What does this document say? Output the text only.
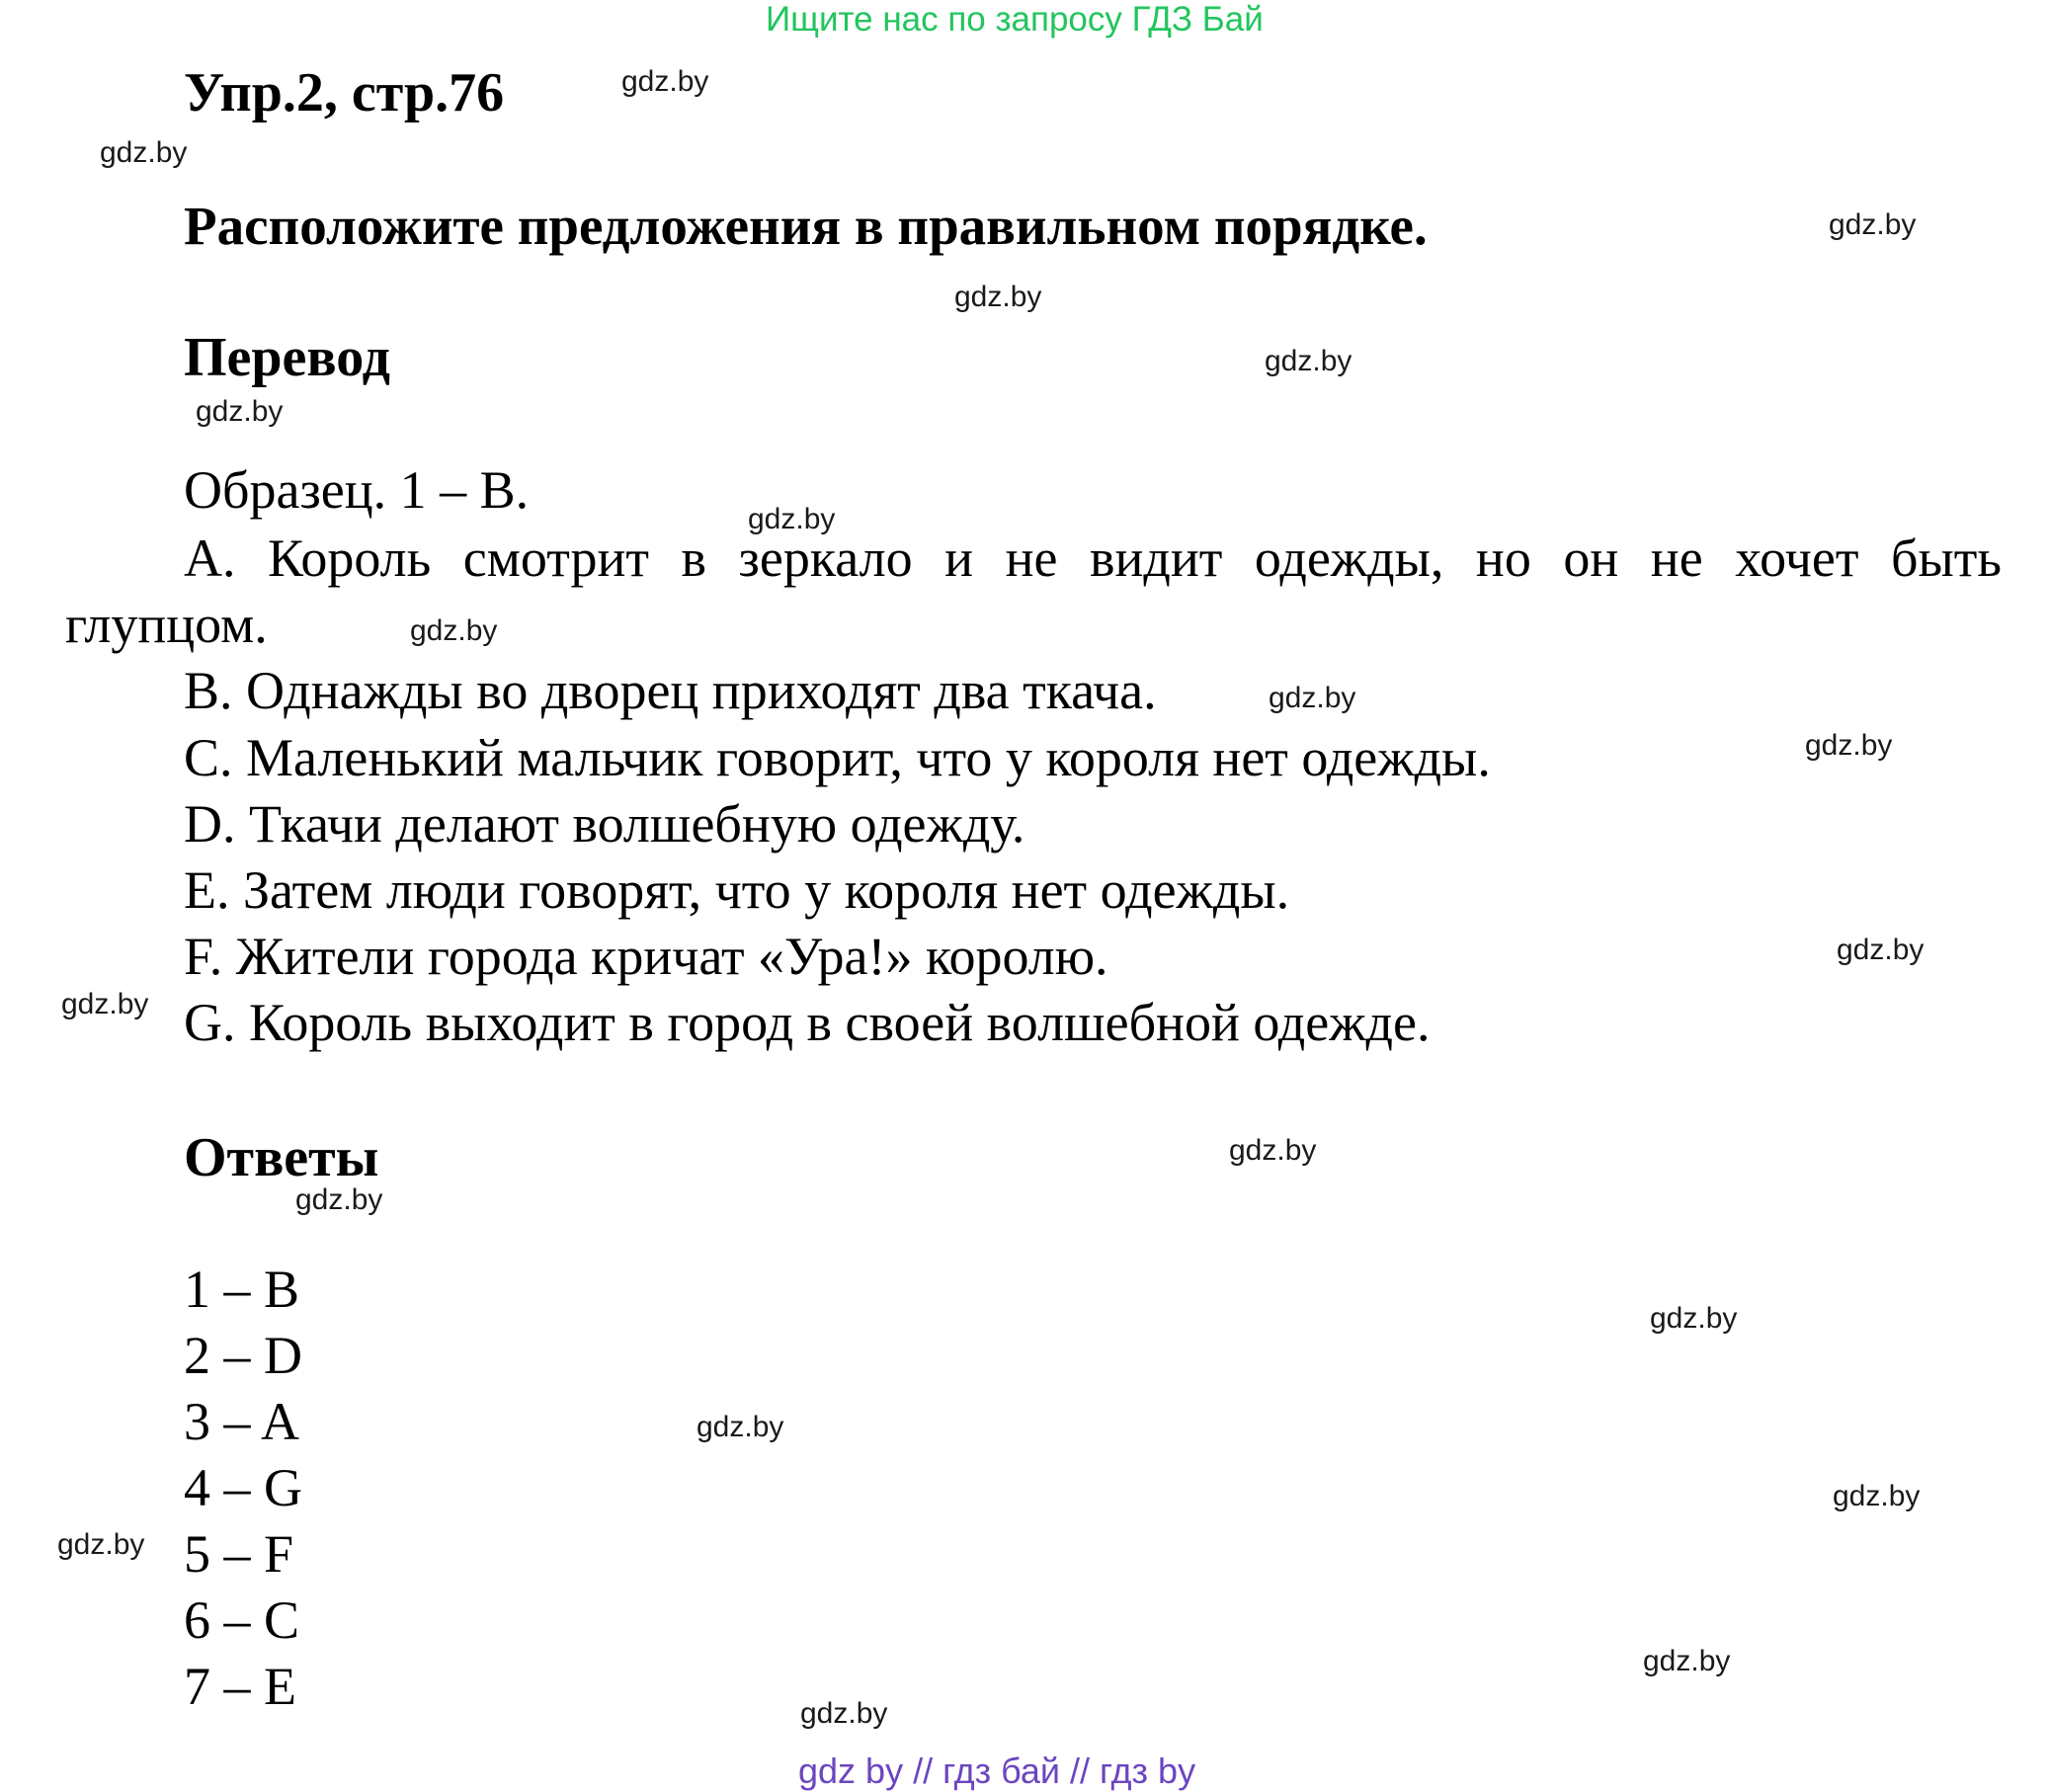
Ищите нас по запросу ГДЗ Бай
Упр.2, стр.76
Расположите предложения в правильном порядке.
Перевод
Образец. 1 – В.
A. Король смотрит в зеркало и не видит одежды, но он не хочет быть
глупцом.
B. Однажды во дворец приходят два ткача.
C. Маленький мальчик говорит, что у короля нет одежды.
D. Ткачи делают волшебную одежду.
E. Затем люди говорят, что у короля нет одежды.
F. Жители города кричат «Ура!» королю.
G. Король выходит в город в своей волшебной одежде.
Ответы
1 – B
2 – D
3 – A
4 – G
5 – F
6 – C
7 – E
gdz.by
gdz.by
gdz.by
gdz.by
gdz.by
gdz.by
gdz.by
gdz.by
gdz.by
gdz.by
gdz.by
gdz.by
gdz.by
gdz.by
gdz.by
gdz.by
gdz.by
gdz.by
gdz.by
gdz.by
gdz by // гдз бай // гдз by
